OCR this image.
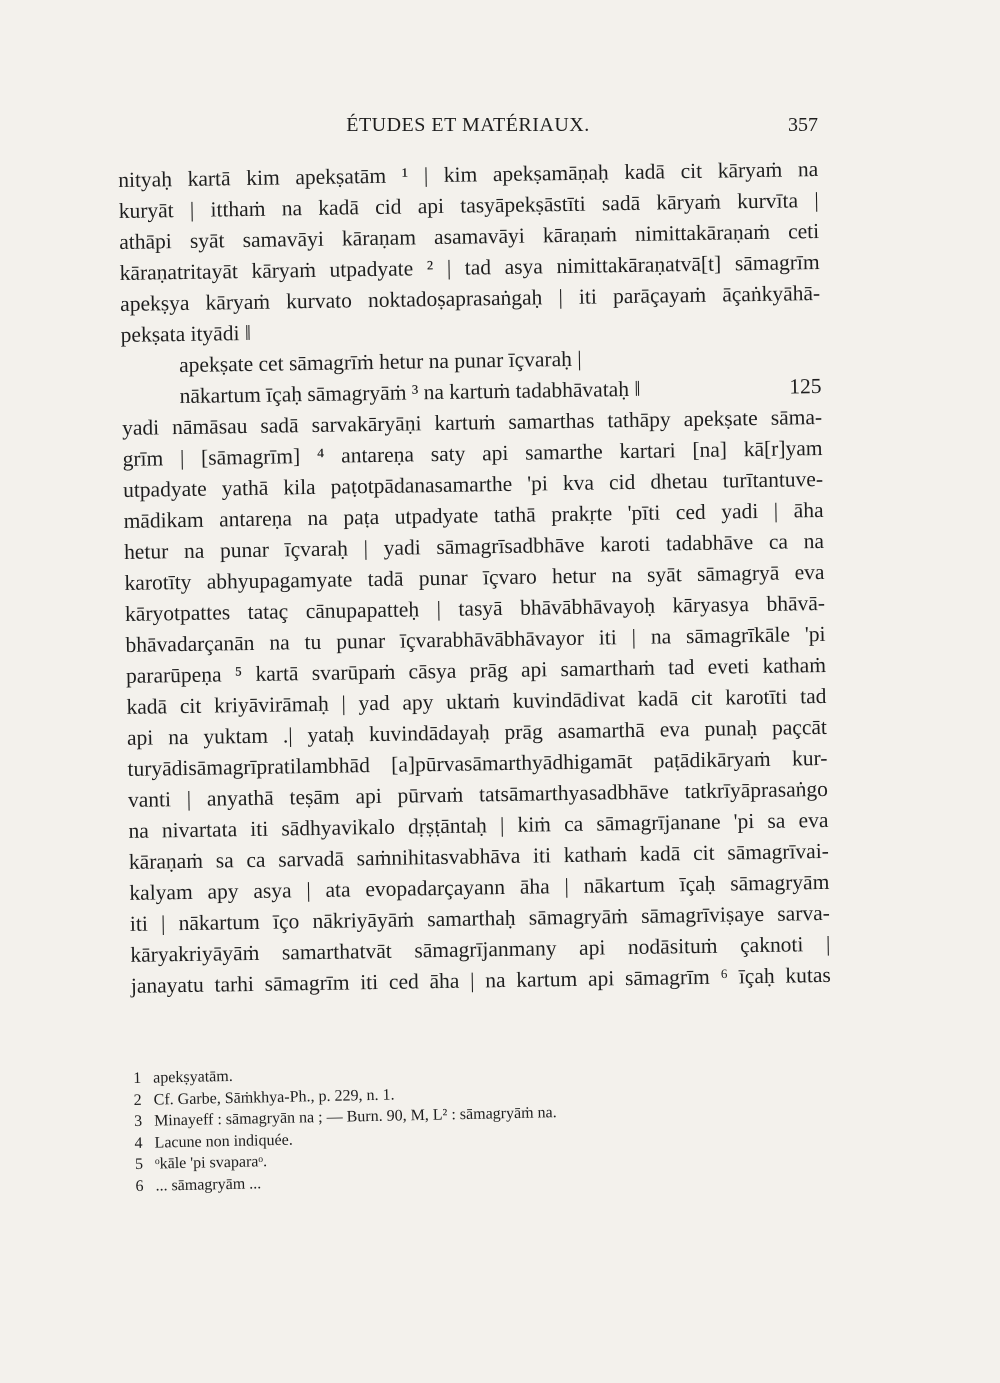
ÉTUDES ET MATÉRIAUX.	357
nityaḥ kartā kim apekṣatām ¹ | kim apekṣamāṇaḥ kadā cit kāryaṁ na
kuryāt | itthaṁ na kadā cid api tasyāpekṣāstīti sadā kāryaṁ kurvīta |
athāpi syāt samavāyi kāraṇam asamavāyi kāraṇaṁ nimittakāraṇaṁ ceti
kāraṇatritayāt kāryaṁ utpadyate ² | tad asya nimittakāraṇatvā[t] sāmagrīm
apekṣya kāryaṁ kurvato noktadoṣaprasaṅgaḥ | iti parāçayaṁ āçaṅkyāhā-
pekṣata ityādi ‖
apekṣate cet sāmagrīṁ hetur na punar īçvaraḥ |
nākartum īçaḥ sāmagryāṁ ³ na kartuṁ tadabhāvataḥ ‖	125
yadi nāmāsau sadā sarvakāryāṇi kartuṁ samarthas tathāpy apekṣate sāma-
grīm | [sāmagrīm] ⁴ antareṇa saty api samarthe kartari [na] kā[r]yam
utpadyate yathā kila paṭotpādanasamarthe 'pi kva cid dhetau turītantuve-
mādikam antareṇa na paṭa utpadyate tathā prakṛte 'pīti ced yadi | āha
hetur na punar īçvaraḥ | yadi sāmagrīsadbhāve karoti tadabhāve ca na
karotīty abhyupagamyate tadā punar īçvaro hetur na syāt sāmagryā eva
kāryotpattes tataç cānupapatteḥ | tasyā bhāvābhāvayoḥ kāryasya bhāvā-
bhāvadarçanān na tu punar īçvarabhāvābhāvayor iti | na sāmagrīkāle 'pi
pararūpeṇa ⁵ kartā svarūpaṁ cāsya prāg api samarthaṁ tad eveti kathaṁ
kadā cit kriyāvirāmaḥ | yad apy uktaṁ kuvindādivat kadā cit karotīti tad
api na yuktam .| yataḥ kuvindādayaḥ prāg asamarthā eva punaḥ paçcāt
turyādisāmagrīpratilambhād [a]pūrvasāmarthyādhigamāt paṭādikāryaṁ kur-
vanti | anyathā teṣām api pūrvaṁ tatsāmarthyasadbhāve tatkrīyāprasaṅgo
na nivartata iti sādhyavikalo dṛṣṭāntaḥ | kiṁ ca sāmagrījanane 'pi sa eva
kāraṇaṁ sa ca sarvadā saṁnihitasvabhāva iti kathaṁ kadā cit sāmagrīvai-
kalyam apy asya | ata evopadarçayann āha | nākartum īçaḥ sāmagryām
iti | nākartum īço nākriyāyāṁ samarthaḥ sāmagryāṁ sāmagrīviṣaye sarva-
kāryakriyāyāṁ samarthatvāt sāmagrījanmany api nodāsituṁ çaknoti |
janayatu tarhi sāmagrīm iti ced āha | na kartum api sāmagrīm ⁶ īçaḥ kutas
1 apekṣyatām.
2 Cf. Garbe, Sāṁkhya-Ph., p. 229, n. 1.
3 Minayeff : sāmagryān na ; — Burn. 90, M, L² : sāmagryāṁ na.
4 Lacune non indiquée.
5 ᵒkāle 'pi svaparaᵒ.
6 ... sāmagryām ...
